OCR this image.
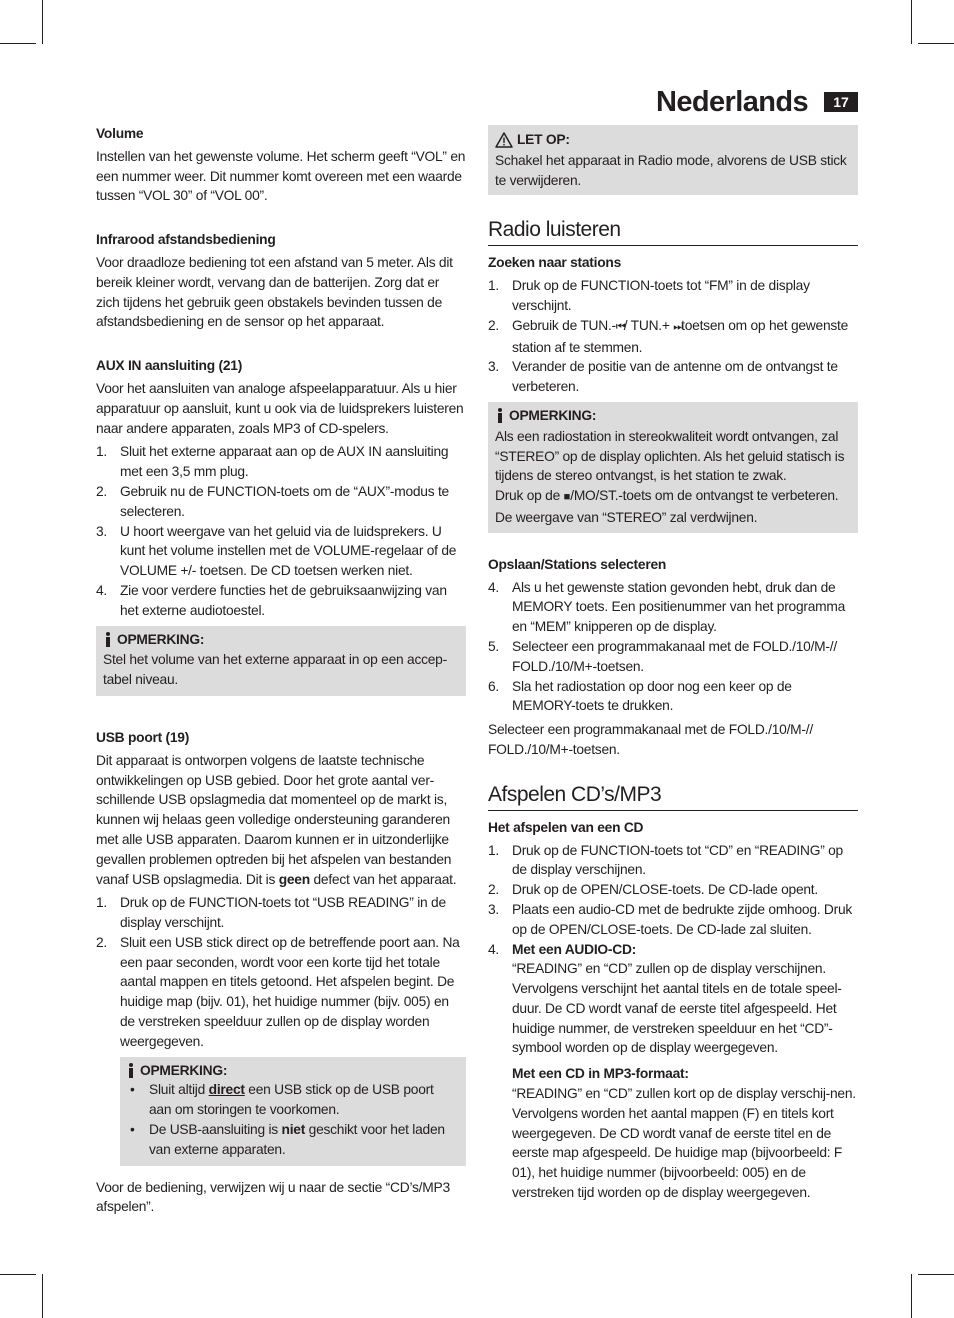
Nederlands	17

Volume

Instellen van het gewenste volume. Het scherm geeft “VOL” en een nummer weer. Dit nummer komt overeen met een waarde tussen “VOL 30” of “VOL 00”.

Infrarood afstandsbediening

Voor draadloze bediening tot een afstand van 5 meter. Als dit bereik kleiner wordt, vervang dan de batterijen. Zorg dat er zich tijdens het gebruik geen obstakels bevinden tussen de afstandsbediening en de sensor op het apparaat.

AUX IN aansluiting (21)

Voor het aansluiten van analoge afspeelapparatuur. Als u hier apparatuur op aansluit, kunt u ook via de luidsprekers luisteren naar andere apparaten, zoals MP3 of CD-spelers.

1. Sluit het externe apparaat aan op de AUX IN aansluiting met een 3,5 mm plug.
2. Gebruik nu de FUNCTION-toets om de “AUX”-modus te selecteren.
3. U hoort weergave van het geluid via de luidsprekers. U kunt het volume instellen met de VOLUME-regelaar of de VOLUME +/- toetsen. De CD toetsen werken niet.
4. Zie voor verdere functies het de gebruiksaanwijzing van het externe audiotoestel.
OPMERKING:
Stel het volume van het externe apparaat in op een accep-tabel niveau.

USB poort (19)

Dit apparaat is ontworpen volgens de laatste technische ontwikkelingen op USB gebied. Door het grote aantal ver-schillende USB opslagmedia dat momenteel op de markt is, kunnen wij helaas geen volledige ondersteuning garanderen met alle USB apparaten. Daarom kunnen er in uitzonderlijke gevallen problemen optreden bij het afspelen van bestanden vanaf USB opslagmedia. Dit is geen defect van het apparaat.

1. Druk op de FUNCTION-toets tot “USB READING” in de display verschijnt.
2. Sluit een USB stick direct op de betreffende poort aan. Na een paar seconden, wordt voor een korte tijd het totale aantal mappen en titels getoond. Het afspelen begint. De huidige map (bijv. 01), het huidige nummer (bijv. 005) en de verstreken speelduur zullen op de display worden weergegeven.
OPMERKING:
• Sluit altijd direct een USB stick op de USB poort aan om storingen te voorkomen.
• De USB-aansluiting is niet geschikt voor het laden van externe apparaten.

Voor de bediening, verwijzen wij u naar de sectie “CD’s/MP3 afspelen”.

LET OP:
Schakel het apparaat in Radio mode, alvorens de USB stick te verwijderen.
Radio luisteren

Zoeken naar stations

1. Druk op de FUNCTION-toets tot “FM” in de display verschijnt.
2. Gebruik de TUN.-⏮/ TUN.+ ⏭toetsen om op het gewenste station af te stemmen.
3. Verander de positie van de antenne om de ontvangst te verbeteren.
OPMERKING:
Als een radiostation in stereokwaliteit wordt ontvangen, zal “STEREO” op de display oplichten. Als het geluid statisch is tijdens de stereo ontvangst, is het station te zwak.
Druk op de ■/MO/ST.-toets om de ontvangst te verbeteren. De weergave van “STEREO” zal verdwijnen.

Opslaan/Stations selecteren

4. Als u het gewenste station gevonden hebt, druk dan de MEMORY toets. Een positienummer van het programma en “MEM” knipperen op de display.
5. Selecteer een programmakanaal met de FOLD./10/M-// FOLD./10/M+-toetsen.
6. Sla het radiostation op door nog een keer op de MEMORY-toets te drukken.

Selecteer een programmakanaal met de FOLD./10/M-// FOLD./10/M+-toetsen.

Afspelen CD’s/MP3

Het afspelen van een CD

1. Druk op de FUNCTION-toets tot “CD” en “READING” op de display verschijnen.
2. Druk op de OPEN/CLOSE-toets. De CD-lade opent.
3. Plaats een audio-CD met de bedrukte zijde omhoog. Druk op de OPEN/CLOSE-toets. De CD-lade zal sluiten.
4. Met een AUDIO-CD:
“READING” en “CD” zullen op de display verschijnen. Vervolgens verschijnt het aantal titels en de totale speel-duur. De CD wordt vanaf de eerste titel afgespeeld. Het huidige nummer, de verstreken speelduur en het “CD”-symbool worden op de display weergegeven.
Met een CD in MP3-formaat:
“READING” en “CD” zullen kort op de display verschij-nen. Vervolgens worden het aantal mappen (F) en titels kort weergegeven. De CD wordt vanaf de eerste titel en de eerste map afgespeeld. De huidige map (bijvoorbeeld: F 01), het huidige nummer (bijvoorbeeld: 005) en de verstreken tijd worden op de display weergegeven.
